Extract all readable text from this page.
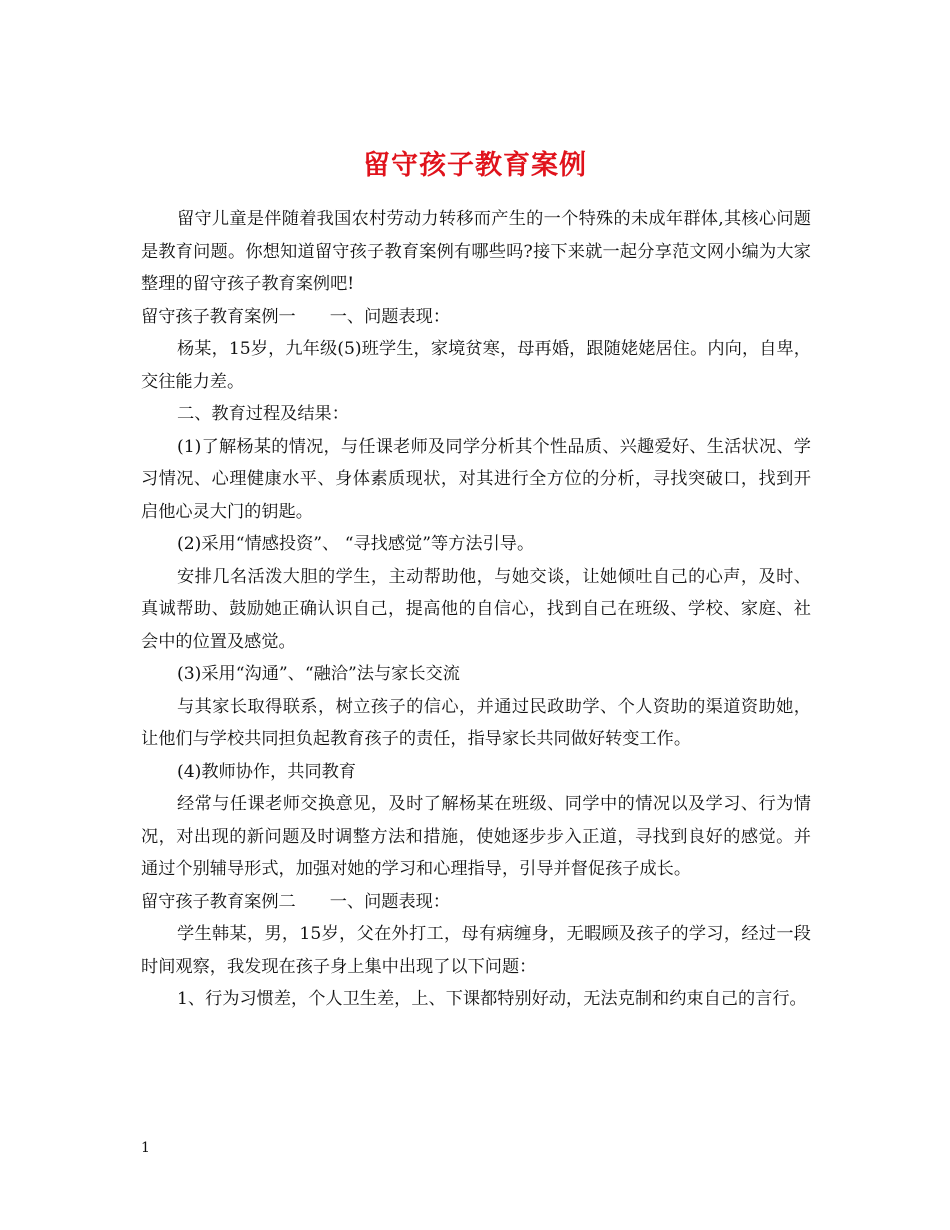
留守孩子教育案例

留守儿童是伴随着我国农村劳动力转移而产生的一个特殊的未成年群体,其核心问题是教育问题。你想知道留守孩子教育案例有哪些吗?接下来就一起分享范文网小编为大家整理的留守孩子教育案例吧!

留守孩子教育案例一 一、问题表现：

杨某，15岁，九年级(5)班学生，家境贫寒，母再婚，跟随姥姥居住。内向，自卑，交往能力差。

二、教育过程及结果：

(1)了解杨某的情况，与任课老师及同学分析其个性品质、兴趣爱好、生活状况、学习情况、心理健康水平、身体素质现状，对其进行全方位的分析，寻找突破口，找到开启他心灵大门的钥匙。

(2)采用“情感投资”、 “寻找感觉”等方法引导。

安排几名活泼大胆的学生，主动帮助他，与她交谈，让她倾吐自己的心声，及时、真诚帮助、鼓励她正确认识自己，提高他的自信心，找到自己在班级、学校、家庭、社会中的位置及感觉。

(3)采用“沟通”、“融洽”法与家长交流

与其家长取得联系，树立孩子的信心，并通过民政助学、个人资助的渠道资助她，让他们与学校共同担负起教育孩子的责任，指导家长共同做好转变工作。

(4)教师协作，共同教育

经常与任课老师交换意见，及时了解杨某在班级、同学中的情况以及学习、行为情况，对出现的新问题及时调整方法和措施，使她逐步步入正道，寻找到良好的感觉。并通过个别辅导形式，加强对她的学习和心理指导，引导并督促孩子成长。

留守孩子教育案例二 一、问题表现：

学生韩某，男，15岁，父在外打工，母有病缠身，无暇顾及孩子的学习，经过一段时间观察，我发现在孩子身上集中出现了以下问题：

1、行为习惯差，个人卫生差，上、下课都特别好动，无法克制和约束自己的言行。

1
